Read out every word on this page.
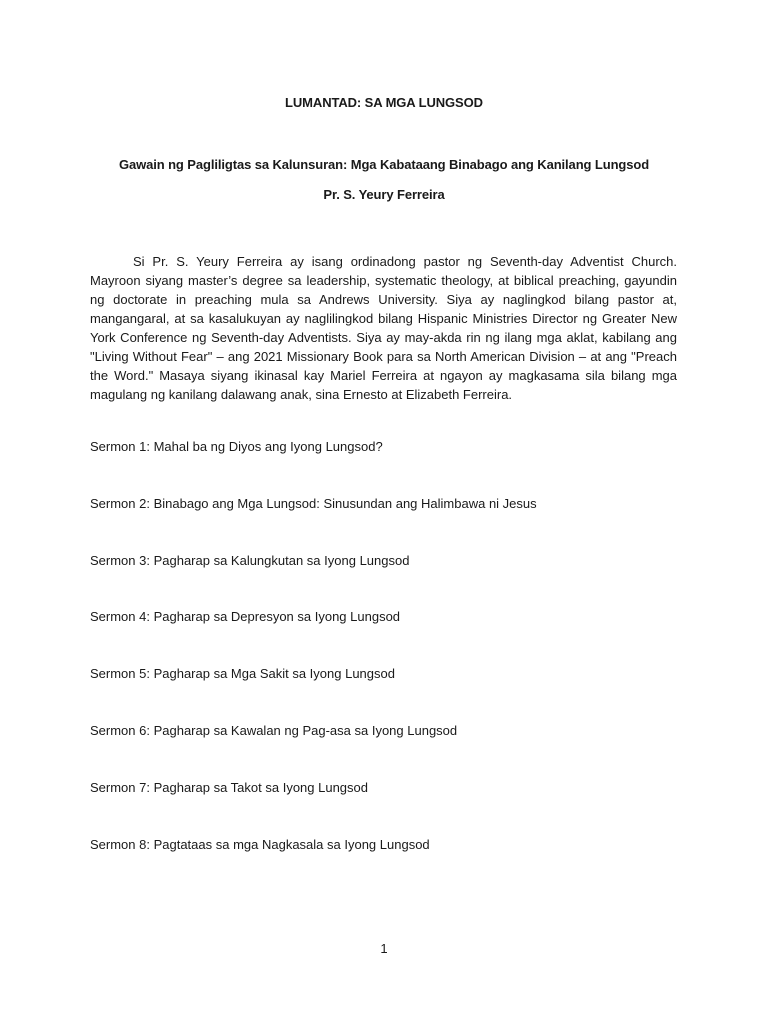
LUMANTAD: SA MGA LUNGSOD
Gawain ng Pagliligtas sa Kalunsuran: Mga Kabataang Binabago ang Kanilang Lungsod
Pr. S. Yeury Ferreira

Si Pr. S. Yeury Ferreira ay isang ordinadong pastor ng Seventh-day Adventist Church. Mayroon siyang master’s degree sa leadership, systematic theology, at biblical preaching, gayundin ng doctorate in preaching mula sa Andrews University. Siya ay naglingkod bilang pastor at, mangangaral, at sa kasalukuyan ay naglilingkod bilang Hispanic Ministries Director ng Greater New York Conference ng Seventh-day Adventists. Siya ay may-akda rin ng ilang mga aklat, kabilang ang "Living Without Fear" – ang 2021 Missionary Book para sa North American Division – at ang "Preach the Word." Masaya siyang ikinasal kay Mariel Ferreira at ngayon ay magkasama sila bilang mga magulang ng kanilang dalawang anak, sina Ernesto at Elizabeth Ferreira.

Sermon 1: Mahal ba ng Diyos ang Iyong Lungsod?
Sermon 2: Binabago ang Mga Lungsod: Sinusundan ang Halimbawa ni Jesus
Sermon 3: Pagharap sa Kalungkutan sa Iyong Lungsod
Sermon 4: Pagharap sa Depresyon sa Iyong Lungsod
Sermon 5: Pagharap sa Mga Sakit sa Iyong Lungsod
Sermon 6: Pagharap sa Kawalan ng Pag-asa sa Iyong Lungsod
Sermon 7: Pagharap sa Takot sa Iyong Lungsod
Sermon 8: Pagtataas sa mga Nagkasala sa Iyong Lungsod
1
